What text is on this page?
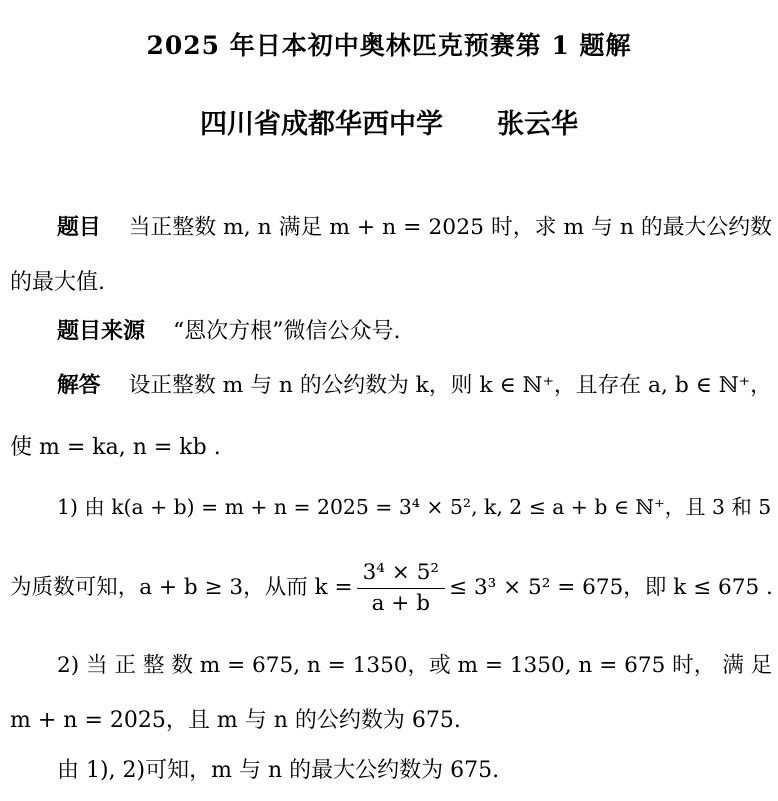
2025 年日本初中奥林匹克预赛第 1 题解
四川省成都华西中学　　张云华
题目 当正整数 m, n 满足 m + n = 2025 时，求 m 与 n 的最大公约数
的最大值.
题目来源 “恩次方根”微信公众号.
解答 设正整数 m 与 n 的公约数为 k，则 k ∈ ℕ⁺，且存在 a, b ∈ ℕ⁺，
使 m = ka, n = kb .
1) 由 k(a + b) = m + n = 2025 = 3⁴ × 5², k, 2 ≤ a + b ∈ ℕ⁺，且 3 和 5
为质数可知，a + b ≥ 3，从而 $k = \frac{\text{3⁴ × 5²}}{a + b} \le 3^3 \times 5^2 = 675$，即 k ≤ 675 .
2) 当 正 整 数 m = 675, n = 1350，或 m = 1350, n = 675 时， 满 足
m + n = 2025，且 m 与 n 的公约数为 675.
由 1), 2)可知，m 与 n 的最大公约数为 675.
